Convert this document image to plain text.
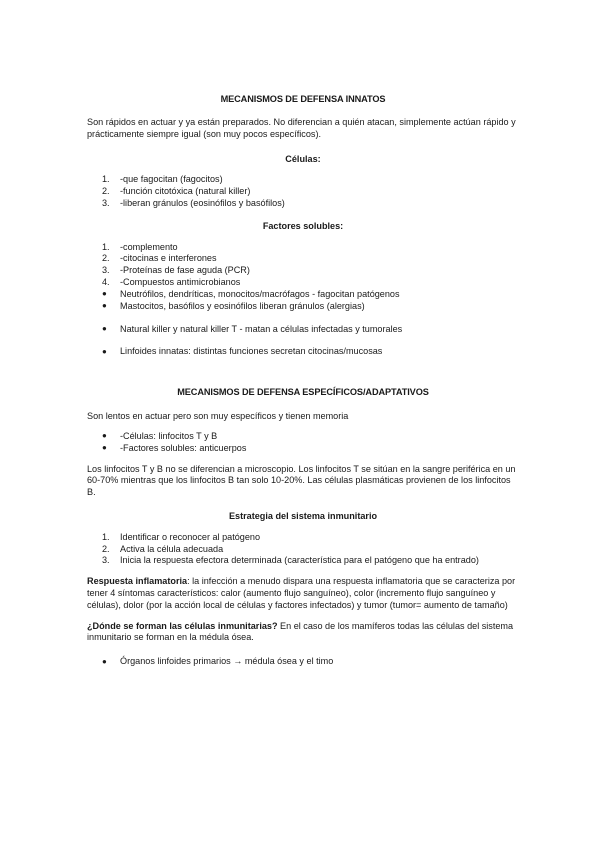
MECANISMOS DE DEFENSA INNATOS

Son rápidos en actuar y ya están preparados. No diferencian a quién atacan, simplemente actúan rápido y prácticamente siempre igual (son muy pocos específicos).

Células:
1. -que fagocitan (fagocitos)
2. -función citotóxica (natural killer)
3. -liberan gránulos (eosinófilos y basófilos)
Factores solubles:
1. -complemento
2. -citocinas e interferones
3. -Proteínas de fase aguda (PCR)
4. -Compuestos antimicrobianos
● Neutrófilos, dendríticas, monocitos/macrófagos - fagocitan patógenos
● Mastocitos, basófilos y eosinófilos liberan gránulos (alergias)
● Natural killer y natural killer T - matan a células infectadas y tumorales
● Linfoides innatas: distintas funciones secretan citocinas/mucosas
MECANISMOS DE DEFENSA ESPECÍFICOS/ADAPTATIVOS

Son lentos en actuar pero son muy específicos y tienen memoria

● -Células: linfocitos T y B
● -Factores solubles: anticuerpos

Los linfocitos T y B no se diferencian a microscopio. Los linfocitos T se sitúan en la sangre periférica en un 60-70% mientras que los linfocitos B tan solo 10-20%. Las células plasmáticas provienen de los linfocitos B.

Estrategia del sistema inmunitario
1. Identificar o reconocer al patógeno
2. Activa la célula adecuada
3. Inicia la respuesta efectora determinada (característica para el patógeno que ha entrado)

Respuesta inflamatoria: la infección a menudo dispara una respuesta inflamatoria que se caracteriza por tener 4 síntomas característicos: calor (aumento flujo sanguíneo), color (incremento flujo sanguíneo y células), dolor (por la acción local de células y factores infectados) y tumor (tumor= aumento de tamaño)

¿Dónde se forman las células inmunitarias? En el caso de los mamíferos todas las células del sistema inmunitario se forman en la médula ósea.

● Órganos linfoides primarios → médula ósea y el timo
